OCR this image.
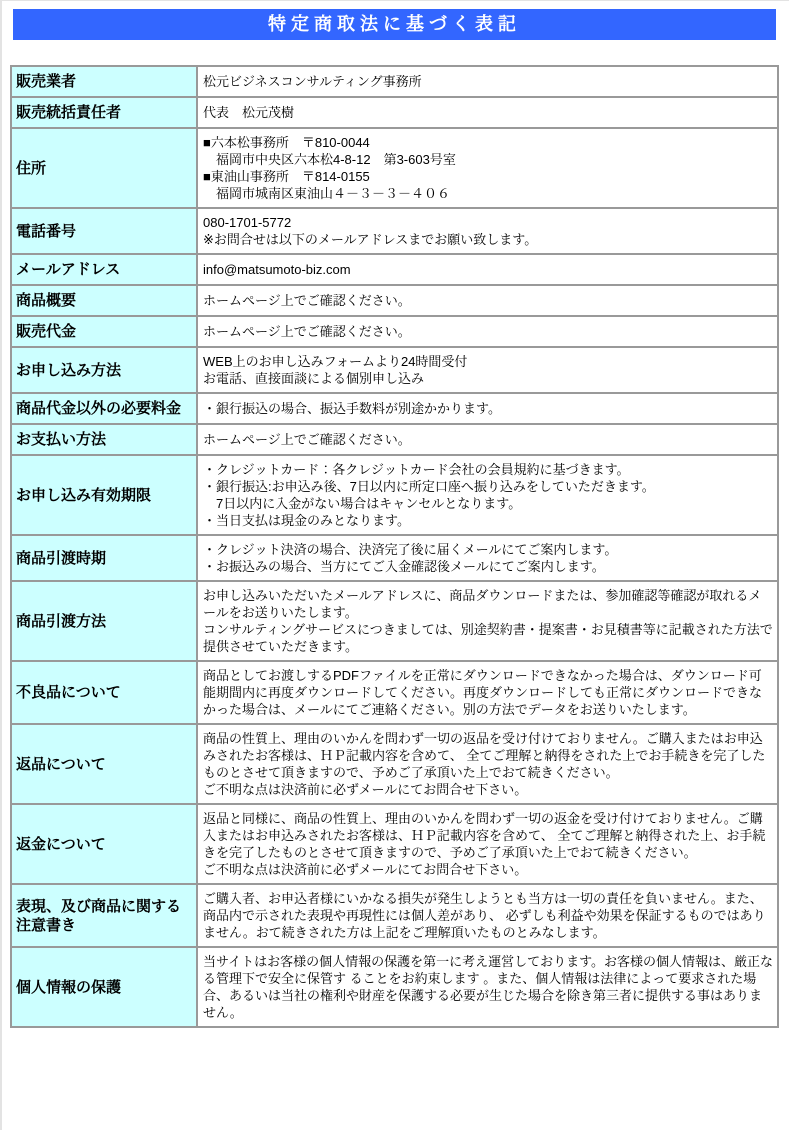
特定商取法に基づく表記
販売業者	松元ビジネスコンサルティング事務所

販売統括責任者	代表　松元茂樹

住所	■六本松事務所　〒810-0044
　福岡市中央区六本松4-8-12　第3-603号室
■東油山事務所　〒814-0155
　福岡市城南区東油山４－３－３－４０６

電話番号	080-1701-5772
※お問合せは以下のメールアドレスまでお願い致します。

メールアドレス	info@matsumoto-biz.com

商品概要	ホームページ上でご確認ください。

販売代金	ホームページ上でご確認ください。

お申し込み方法	WEB上のお申し込みフォームより24時間受付
お電話、直接面談による個別申し込み

商品代金以外の必要料金	・銀行振込の場合、振込手数料が別途かかります。

お支払い方法	ホームページ上でご確認ください。

お申し込み有効期限	・クレジットカード：各クレジットカード会社の会員規約に基づきます。
・銀行振込:お申込み後、7日以内に所定口座へ振り込みをしていただきます。
　7日以内に入金がない場合はキャンセルとなります。
・当日支払は現金のみとなります。

商品引渡時期	・クレジット決済の場合、決済完了後に届くメールにてご案内します。
・お振込みの場合、当方にてご入金確認後メールにてご案内します。

商品引渡方法	お申し込みいただいたメールアドレスに、商品ダウンロードまたは、参加確認等確認が取れるメールをお送りいたします。
コンサルティングサービスにつきましては、別途契約書・提案書・お見積書等に記載された方法で提供させていただきます。

不良品について	商品としてお渡しするPDFファイルを正常にダウンロードできなかった場合は、ダウンロード可能期間内に再度ダウンロードしてください。再度ダウンロードしても正常にダウンロードできなかった場合は、メールにてご連絡ください。別の方法でデータをお送りいたします。

返品について	商品の性質上、理由のいかんを問わず一切の返品を受け付けておりません。ご購入またはお申込みされたお客様は、ＨＰ記載内容を含めて、 全てご理解と納得をされた上でお手続きを完了したものとさせて頂きますので、予めご了承頂いた上でおて続きください。
ご不明な点は決済前に必ずメールにてお問合せ下さい。

返金について	返品と同様に、商品の性質上、理由のいかんを問わず一切の返金を受け付けておりません。ご購入またはお申込みされたお客様は、ＨＰ記載内容を含めて、 全てご理解と納得された上、お手続きを完了したものとさせて頂きますので、予めご了承頂いた上でおて続きください。
ご不明な点は決済前に必ずメールにてお問合せ下さい。

表現、及び商品に関する注意書き	ご購入者、お申込者様にいかなる損失が発生しようとも当方は一切の責任を負いません。また、商品内で示された表現や再現性には個人差があり、 必ずしも利益や効果を保証するものではありません。おて続きされた方は上記をご理解頂いたものとみなします。

個人情報の保護	当サイトはお客様の個人情報の保護を第一に考え運営しております。お客様の個人情報は、厳正なる管理下で安全に保管す ることをお約束します 。また、個人情報は法律によって要求された場合、あるいは当社の権利や財産を保護する必要が生じた場合を除き第三者に提供する事はありません。
